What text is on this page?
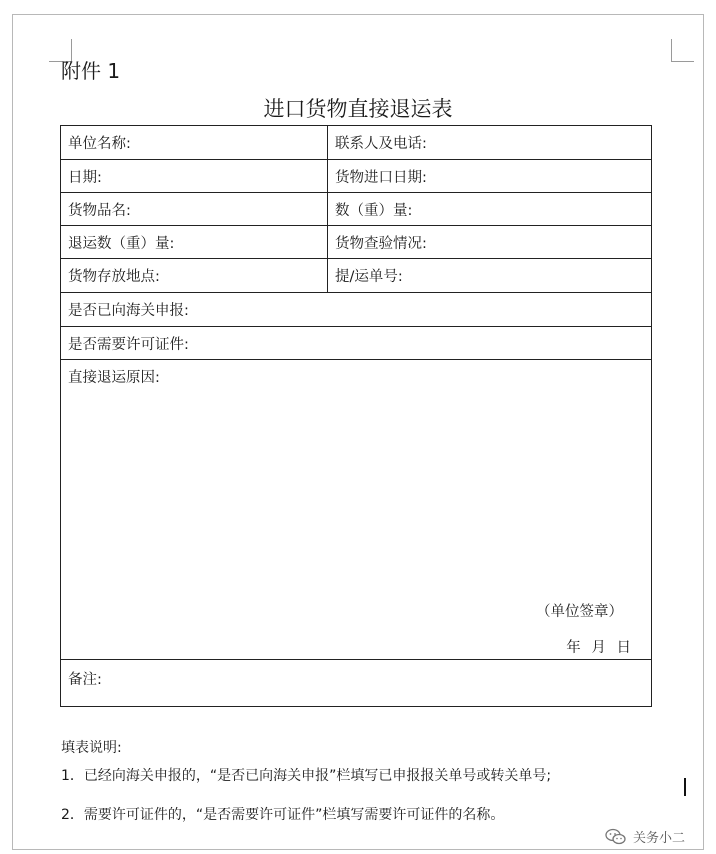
附件 1
进口货物直接退运表
单位名称:	联系人及电话:
日期:	货物进口日期:
货物品名:	数（重）量:
退运数（重）量:	货物查验情况:
货物存放地点:	提/运单号:
是否已向海关申报:
是否需要许可证件:
直接退运原因:
（单位签章）
年 月 日
备注:
填表说明:
1．已经向海关申报的，“是否已向海关申报”栏填写已申报报关单号或转关单号;
2．需要许可证件的，“是否需要许可证件”栏填写需要许可证件的名称。
关务小二
